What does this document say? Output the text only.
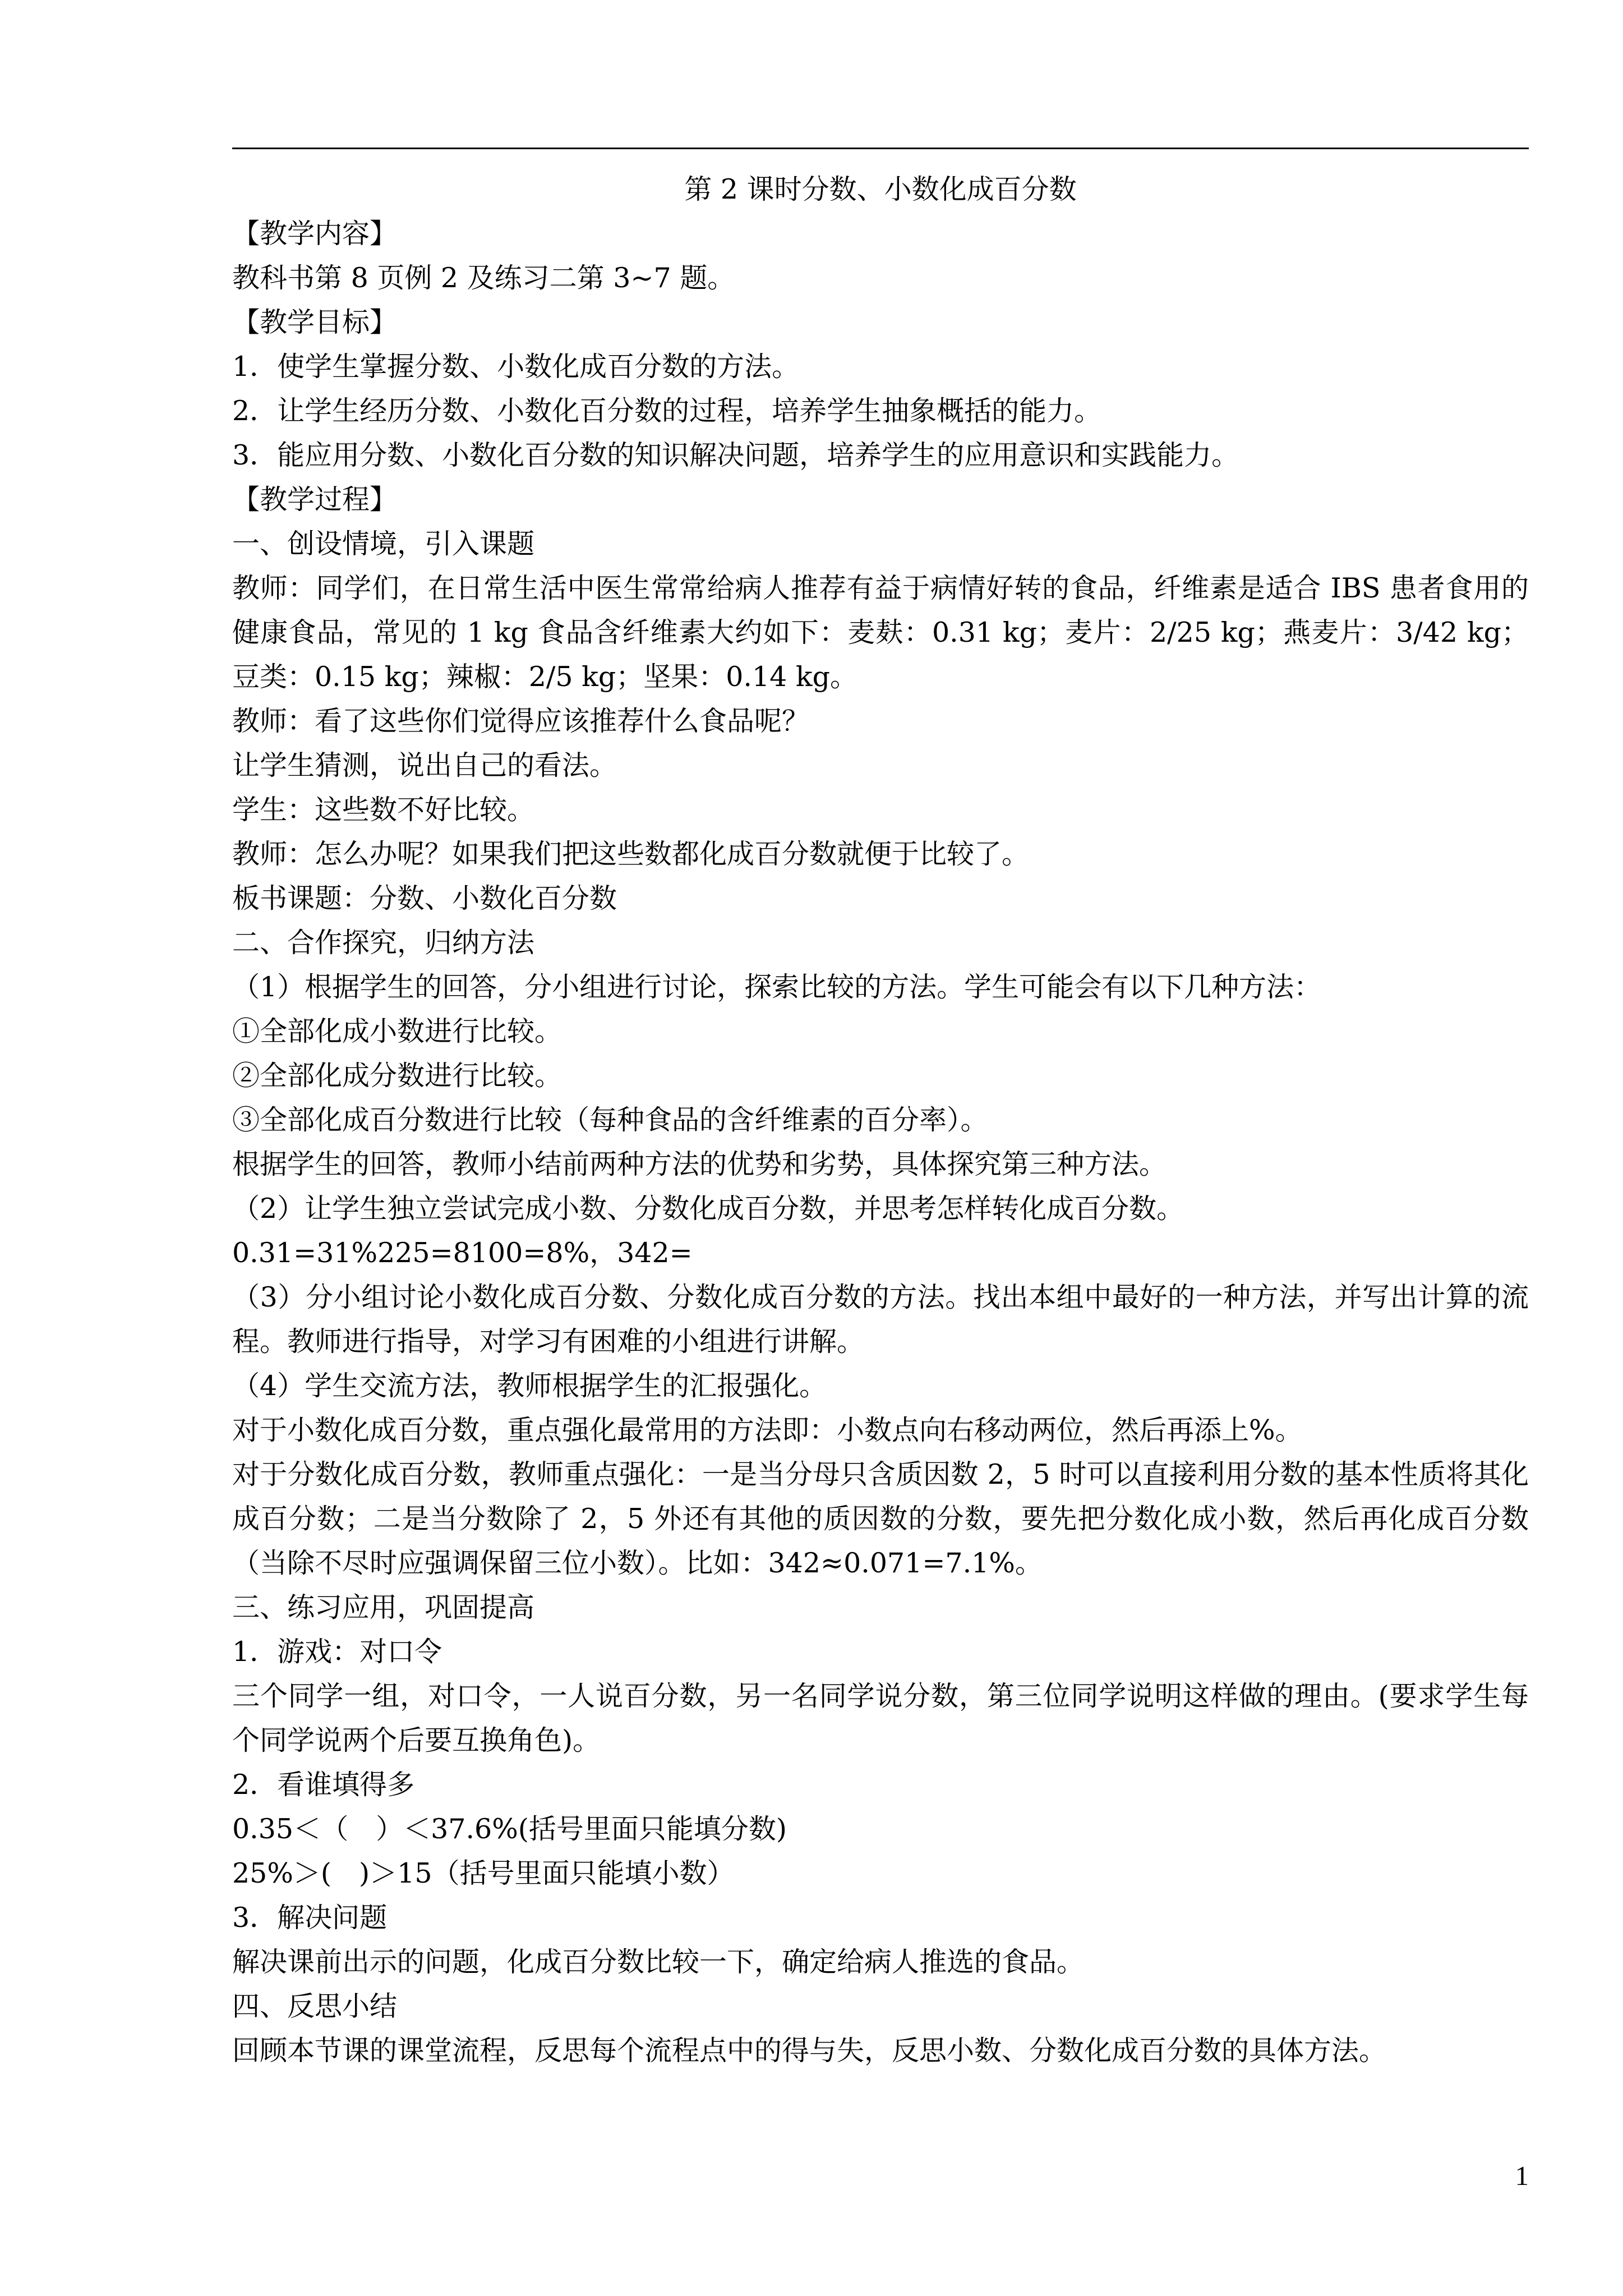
第 2 课时分数、小数化成百分数

【教学内容】

教科书第 8 页例 2 及练习二第 3~7 题。

【教学目标】

1．使学生掌握分数、小数化成百分数的方法。

2．让学生经历分数、小数化百分数的过程，培养学生抽象概括的能力。

3．能应用分数、小数化百分数的知识解决问题，培养学生的应用意识和实践能力。

【教学过程】

一、创设情境，引入课题

教师：同学们，在日常生活中医生常常给病人推荐有益于病情好转的食品，纤维素是适合 IBS 患者食用的健康食品，常见的 1 kg 食品含纤维素大约如下：麦麸：0.31 kg；麦片：2/25 kg；燕麦片：3/42 kg；豆类：0.15 kg；辣椒：2/5 kg；坚果：0.14 kg。

教师：看了这些你们觉得应该推荐什么食品呢？

让学生猜测，说出自己的看法。

学生：这些数不好比较。

教师：怎么办呢？如果我们把这些数都化成百分数就便于比较了。

板书课题：分数、小数化百分数

二、合作探究，归纳方法

（1）根据学生的回答，分小组进行讨论，探索比较的方法。学生可能会有以下几种方法：

①全部化成小数进行比较。

②全部化成分数进行比较。

③全部化成百分数进行比较（每种食品的含纤维素的百分率）。

根据学生的回答，教师小结前两种方法的优势和劣势，具体探究第三种方法。

（2）让学生独立尝试完成小数、分数化成百分数，并思考怎样转化成百分数。

0.31=31%225=8100=8%，342=

（3）分小组讨论小数化成百分数、分数化成百分数的方法。找出本组中最好的一种方法，并写出计算的流程。教师进行指导，对学习有困难的小组进行讲解。

（4）学生交流方法，教师根据学生的汇报强化。

对于小数化成百分数，重点强化最常用的方法即：小数点向右移动两位，然后再添上%。

对于分数化成百分数，教师重点强化：一是当分母只含质因数 2，5 时可以直接利用分数的基本性质将其化成百分数；二是当分数除了 2，5 外还有其他的质因数的分数，要先把分数化成小数，然后再化成百分数（当除不尽时应强调保留三位小数）。比如：342≈0.071=7.1%。

三、练习应用，巩固提高

1．游戏：对口令

三个同学一组，对口令，一人说百分数，另一名同学说分数，第三位同学说明这样做的理由。(要求学生每个同学说两个后要互换角色)。

2．看谁填得多

0.35＜（　）＜37.6%(括号里面只能填分数)

25%＞(　)＞15（括号里面只能填小数）

3．解决问题

解决课前出示的问题，化成百分数比较一下，确定给病人推选的食品。

四、反思小结

回顾本节课的课堂流程，反思每个流程点中的得与失，反思小数、分数化成百分数的具体方法。

1
